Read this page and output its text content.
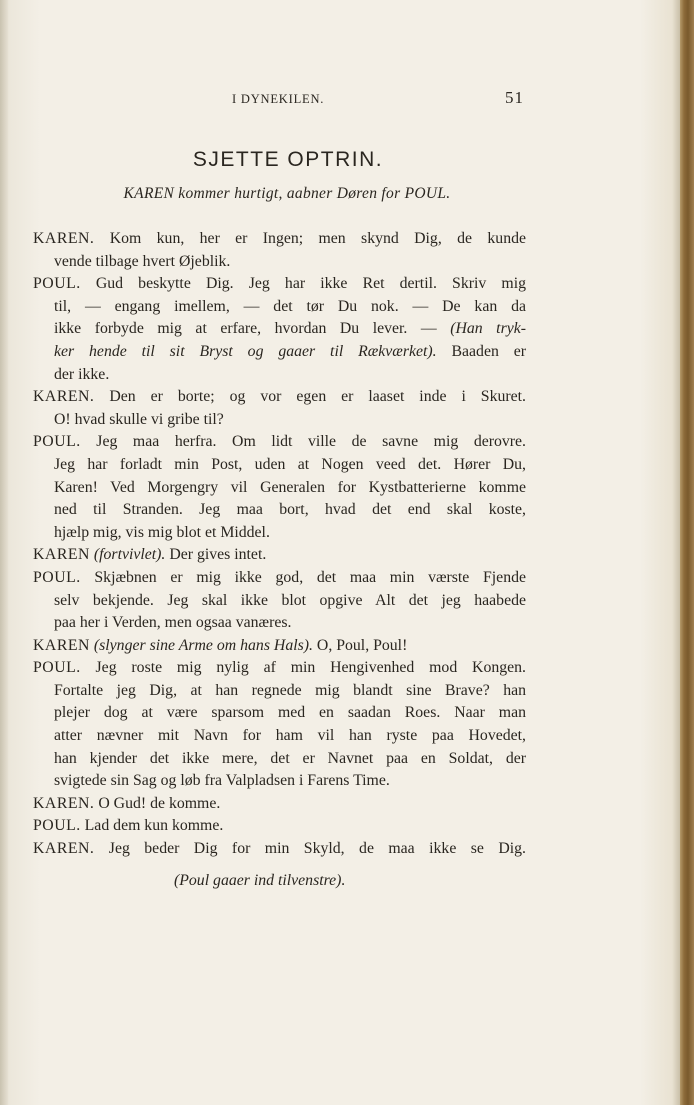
I DYNEKILEN.	51
SJETTE OPTRIN.
KAREN kommer hurtigt, aabner Døren for POUL.
KAREN. Kom kun, her er Ingen; men skynd Dig, de kunde
vende tilbage hvert Øjeblik.
POUL. Gud beskytte Dig. Jeg har ikke Ret dertil. Skriv mig
til, — engang imellem, — det tør Du nok. — De kan da
ikke forbyde mig at erfare, hvordan Du lever. — (Han tryk-
ker hende til sit Bryst og gaaer til Rækværket). Baaden er
der ikke.
KAREN. Den er borte; og vor egen er laaset inde i Skuret.
O! hvad skulle vi gribe til?
POUL. Jeg maa herfra. Om lidt ville de savne mig derovre.
Jeg har forladt min Post, uden at Nogen veed det. Hører Du,
Karen! Ved Morgengry vil Generalen for Kystbatterierne komme
ned til Stranden. Jeg maa bort, hvad det end skal koste,
hjælp mig, vis mig blot et Middel.
KAREN (fortvivlet). Der gives intet.
POUL. Skjæbnen er mig ikke god, det maa min værste Fjende
selv bekjende. Jeg skal ikke blot opgive Alt det jeg haabede
paa her i Verden, men ogsaa vanæres.
KAREN (slynger sine Arme om hans Hals). O, Poul, Poul!
POUL. Jeg roste mig nylig af min Hengivenhed mod Kongen.
Fortalte jeg Dig, at han regnede mig blandt sine Brave? han
plejer dog at være sparsom med en saadan Roes. Naar man
atter nævner mit Navn for ham vil han ryste paa Hovedet,
han kjender det ikke mere, det er Navnet paa en Soldat, der
svigtede sin Sag og løb fra Valpladsen i Farens Time.
KAREN. O Gud! de komme.
POUL. Lad dem kun komme.
KAREN. Jeg beder Dig for min Skyld, de maa ikke se Dig.
(Poul gaaer ind tilvenstre).
